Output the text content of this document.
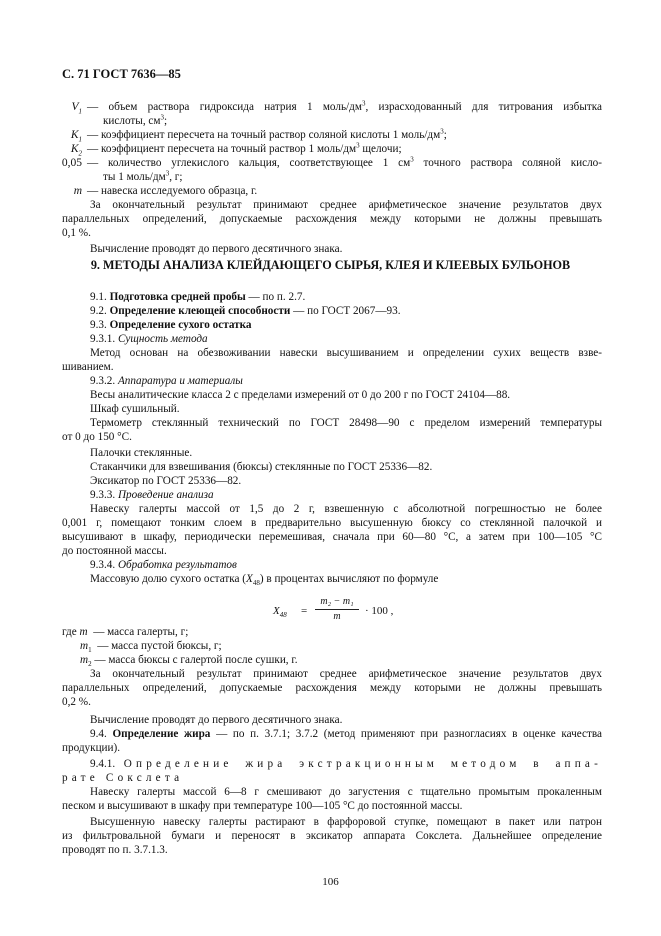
С. 71 ГОСТ 7636—85
$V_1$ — объем раствора гидроксида натрия 1 моль/$дм^3$, израсходованный для титрования избытка
кислоты, $см^3$;
$K_1$ — коэффициент пересчета на точный раствор соляной кислоты 1 моль/$дм^3$;
$K_2$ — коэффициент пересчета на точный раствор 1 моль/$дм^3$ щелочи;
0,05 — количество углекислого кальция, соответствующее 1 $см^3$ точного раствора соляной кисло-
ты 1 моль/$дм^3$, г;
m — навеска исследуемого образца, г.
За окончательный результат принимают среднее арифметическое значение результатов двух
параллельных определений, допускаемые расхождения между которыми не должны превышать
0,1 %.
Вычисление проводят до первого десятичного знака.
9. МЕТОДЫ АНАЛИЗА КЛЕЙДАЮЩЕГО СЫРЬЯ, КЛЕЯ И КЛЕЕВЫХ БУЛЬОНОВ
9.1. Подготовка средней пробы — по п. 2.7.
9.2. Определение клеющей способности — по ГОСТ 2067—93.
9.3. Определение сухого остатка
9.3.1. Сущность метода
Метод основан на обезвоживании навески высушиванием и определении сухих веществ взве-
шиванием.
9.3.2. Аппаратура и материалы
Весы аналитические класса 2 с пределами измерений от 0 до 200 г по ГОСТ 24104—88.
Шкаф сушильный.
Термометр стеклянный технический по ГОСТ 28498—90 с пределом измерений температуры
от 0 до 150 °С.
Палочки стеклянные.
Стаканчики для взвешивания (бюксы) стеклянные по ГОСТ 25336—82.
Эксикатор по ГОСТ 25336—82.
9.3.3. Проведение анализа
Навеску галерты массой от 1,5 до 2 г, взвешенную с абсолютной погрешностью не более
0,001 г, помещают тонким слоем в предварительно высушенную бюксу со стеклянной палочкой и
высушивают в шкафу, периодически перемешивая, сначала при 60—80 °С, а затем при 100—105 °С
до постоянной массы.
9.3.4. Обработка результатов
Массовую долю сухого остатка $(X_{48})$ в процентах вычисляют по формуле
$X_{48}$ =
m₂ − m₁
m	· 100 ,
где m — масса галерты, г;
$m_1$ — масса пустой бюксы, г;
$m_2$ — масса бюксы с галертой после сушки, г.
За окончательный результат принимают среднее арифметическое значение результатов двух
параллельных определений, допускаемые расхождения между которыми не должны превышать
0,2 %.
Вычисление проводят до первого десятичного знака.
9.4. Определение жира — по п. 3.7.1; 3.7.2 (метод применяют при разногласиях в оценке качества
продукции).
9.4.1. Определение жира экстракционным методом в аппа-
рате Сокслета
Навеску галерты массой 6—8 г смешивают до загустения с тщательно промытым прокаленным
песком и высушивают в шкафу при температуре 100—105 °С до постоянной массы.
Высушенную навеску галерты растирают в фарфоровой ступке, помещают в пакет или патрон
из фильтровальной бумаги и переносят в эксикатор аппарата Сокслета. Дальнейшее определение
проводят по п. 3.7.1.3.
106
